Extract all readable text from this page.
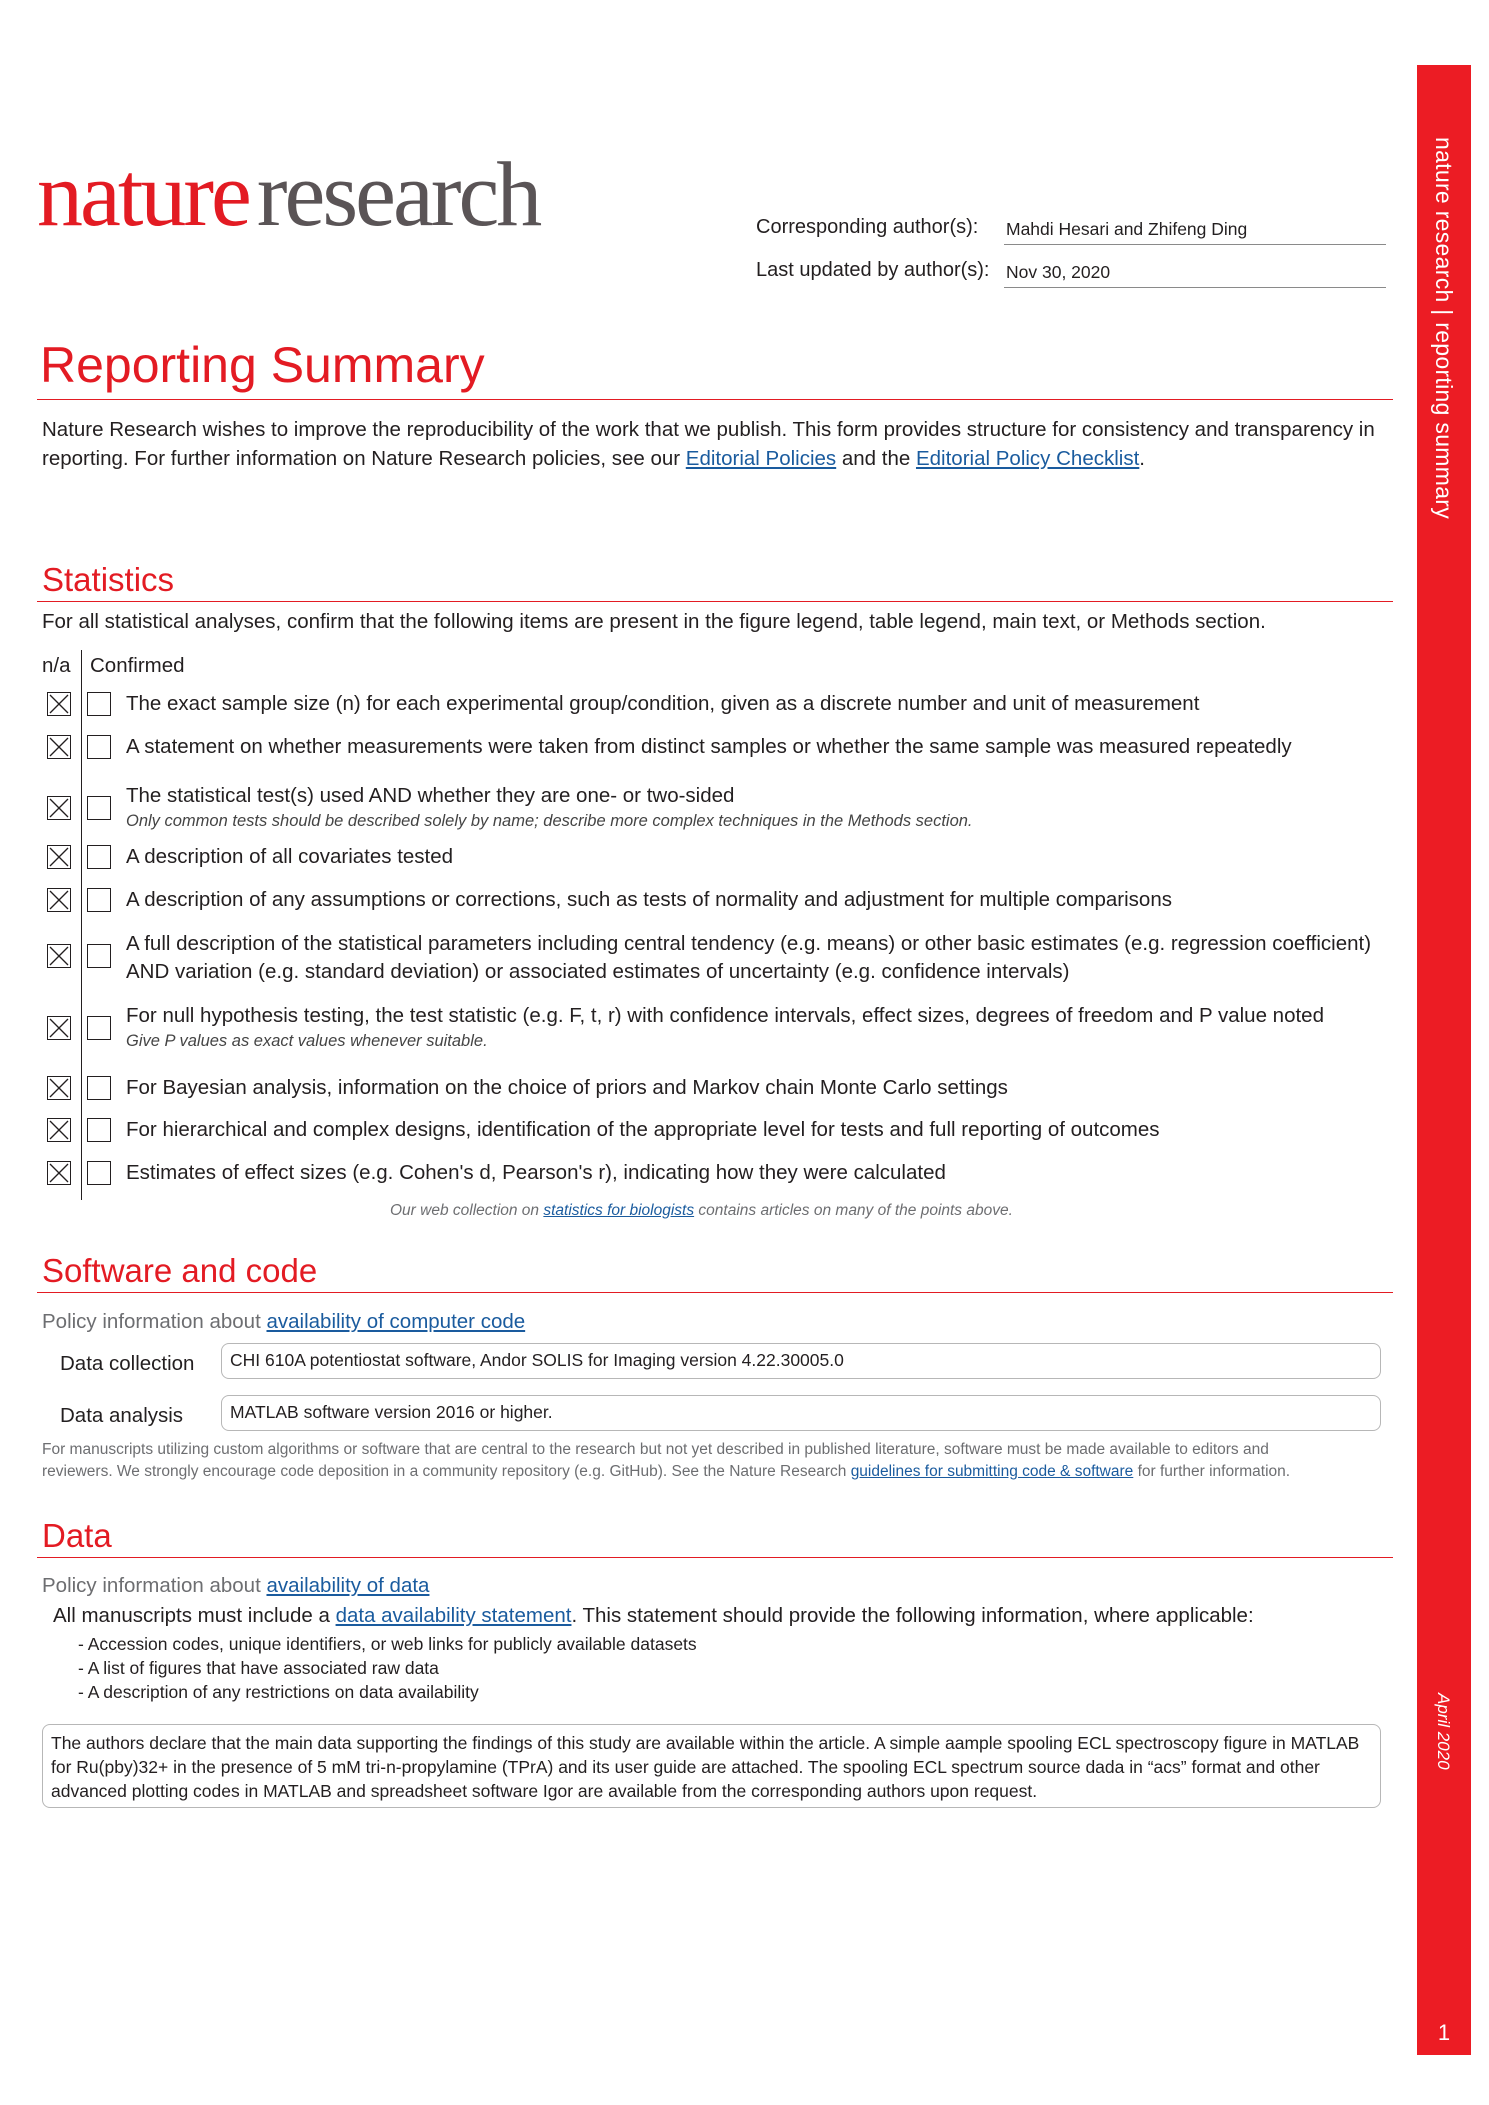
nature research | reporting summary
April 2020
1
natureresearch	Corresponding author(s):	Mahdi Hesari and Zhifeng Ding
Last updated by author(s): Nov 30, 2020
Reporting Summary
Nature Research wishes to improve the reproducibility of the work that we publish. This form provides structure for consistency and transparency in reporting. For further information on Nature Research policies, see our Editorial Policies and the Editorial Policy Checklist.
Statistics
For all statistical analyses, confirm that the following items are present in the figure legend, table legend, main text, or Methods section.
n/a Confirmed
The exact sample size (n) for each experimental group/condition, given as a discrete number and unit of measurement
A statement on whether measurements were taken from distinct samples or whether the same sample was measured repeatedly
The statistical test(s) used AND whether they are one- or two-sided
Only common tests should be described solely by name; describe more complex techniques in the Methods section.
A description of all covariates tested
A description of any assumptions or corrections, such as tests of normality and adjustment for multiple comparisons
A full description of the statistical parameters including central tendency (e.g. means) or other basic estimates (e.g. regression coefficient)
AND variation (e.g. standard deviation) or associated estimates of uncertainty (e.g. confidence intervals)
For null hypothesis testing, the test statistic (e.g. F, t, r) with confidence intervals, effect sizes, degrees of freedom and P value noted
Give P values as exact values whenever suitable.
For Bayesian analysis, information on the choice of priors and Markov chain Monte Carlo settings
For hierarchical and complex designs, identification of the appropriate level for tests and full reporting of outcomes
Estimates of effect sizes (e.g. Cohen's d, Pearson's r), indicating how they were calculated
Our web collection on statistics for biologists contains articles on many of the points above.
Software and code
Policy information about availability of computer code
Data collection	CHI 610A potentiostat software, Andor SOLIS for Imaging version 4.22.30005.0
Data analysis	MATLAB software version 2016 or higher.
For manuscripts utilizing custom algorithms or software that are central to the research but not yet described in published literature, software must be made available to editors and
reviewers. We strongly encourage code deposition in a community repository (e.g. GitHub). See the Nature Research guidelines for submitting code & software for further information.
Data
Policy information about availability of data
All manuscripts must include a data availability statement. This statement should provide the following information, where applicable:
- Accession codes, unique identifiers, or web links for publicly available datasets
- A list of figures that have associated raw data
- A description of any restrictions on data availability
The authors declare that the main data supporting the findings of this study are available within the article. A simple aample spooling ECL spectroscopy figure in MATLAB for Ru(pby)32+ in the presence of 5 mM tri-n-propylamine (TPrA) and its user guide are attached. The spooling ECL spectrum source dada in “acs” format and other advanced plotting codes in MATLAB and spreadsheet software Igor are available from the corresponding authors upon request.
